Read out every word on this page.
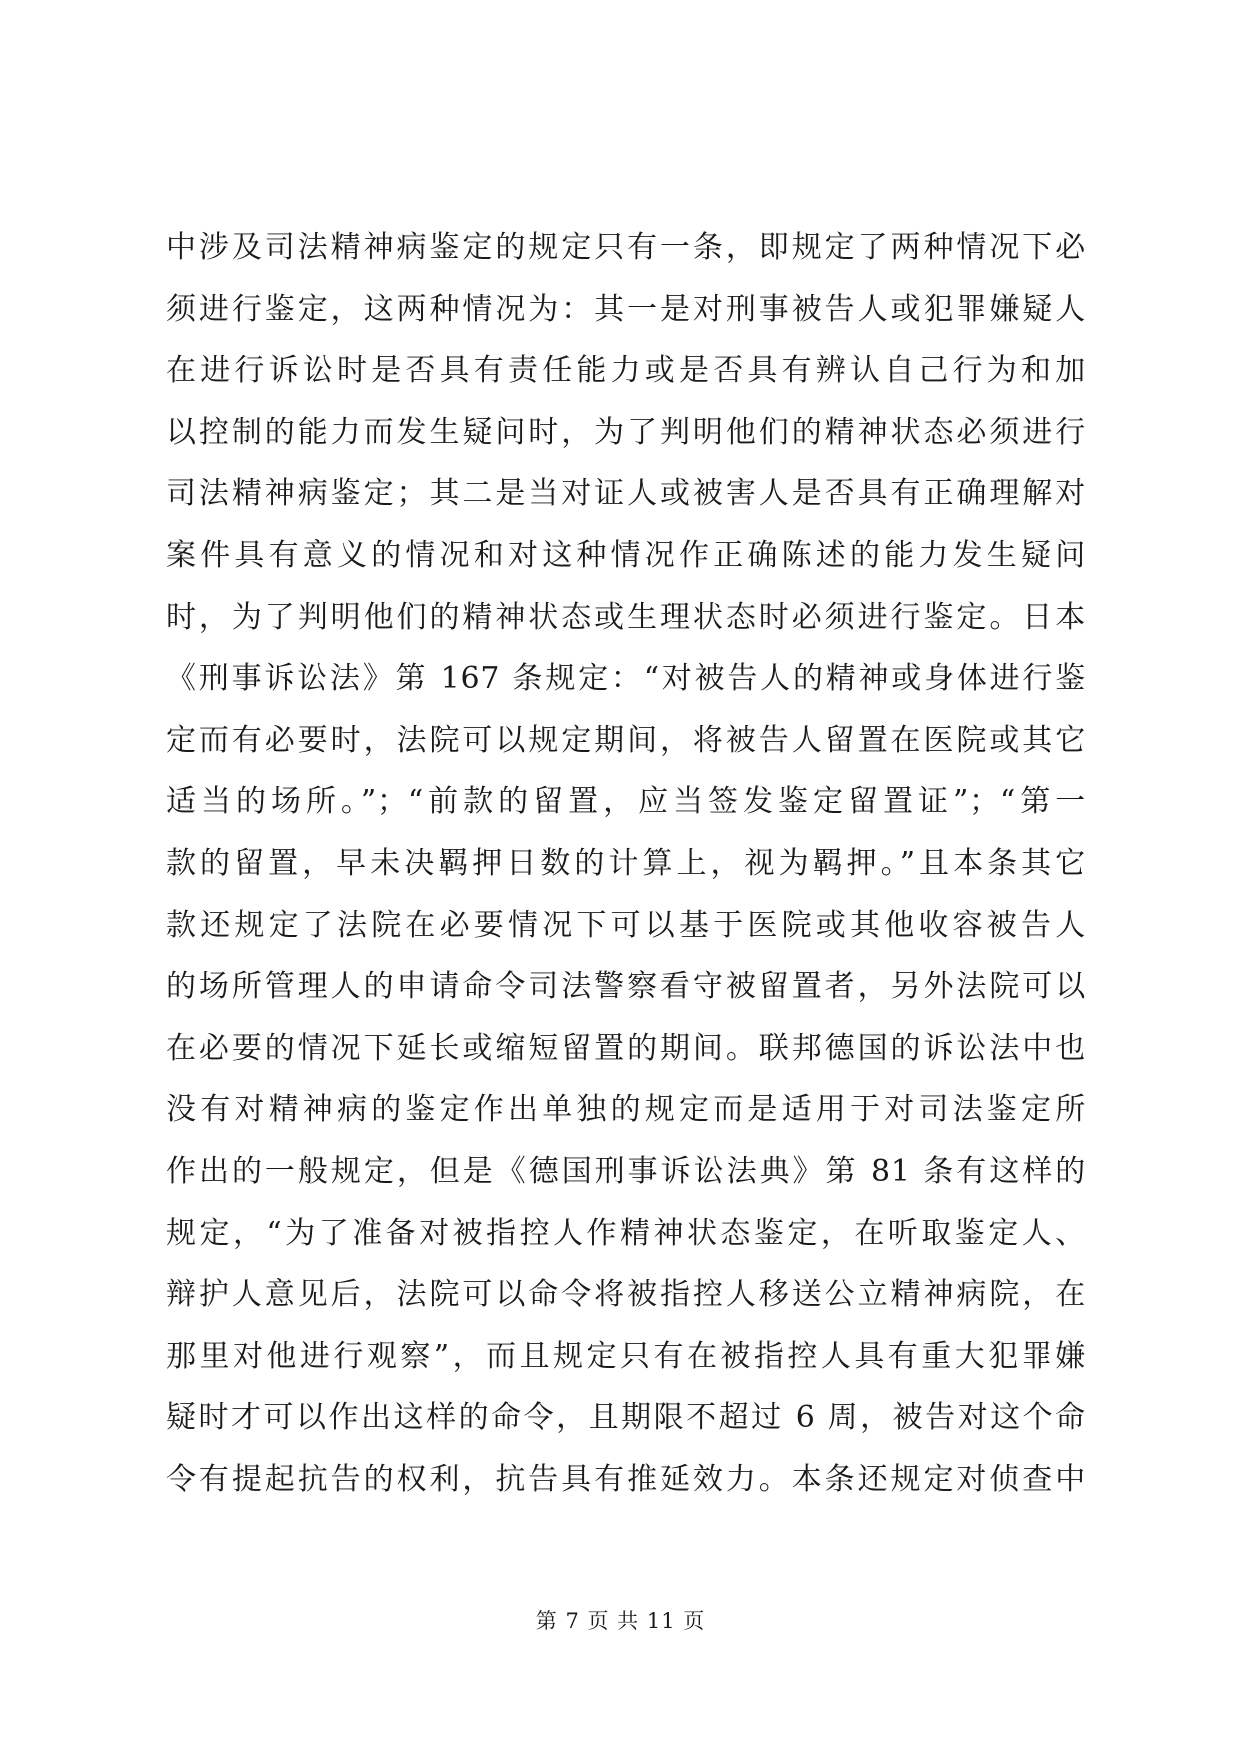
中涉及司法精神病鉴定的规定只有一条，即规定了两种情况下必
须进行鉴定，这两种情况为：其一是对刑事被告人或犯罪嫌疑人
在进行诉讼时是否具有责任能力或是否具有辨认自己行为和加
以控制的能力而发生疑问时，为了判明他们的精神状态必须进行
司法精神病鉴定；其二是当对证人或被害人是否具有正确理解对
案件具有意义的情况和对这种情况作正确陈述的能力发生疑问
时，为了判明他们的精神状态或生理状态时必须进行鉴定。日本
《刑事诉讼法》第 167 条规定：“对被告人的精神或身体进行鉴
定而有必要时，法院可以规定期间，将被告人留置在医院或其它
适当的场所。”；“前款的留置，应当签发鉴定留置证”；“第一
款的留置，早未决羁押日数的计算上，视为羁押。”且本条其它
款还规定了法院在必要情况下可以基于医院或其他收容被告人
的场所管理人的申请命令司法警察看守被留置者，另外法院可以
在必要的情况下延长或缩短留置的期间。联邦德国的诉讼法中也
没有对精神病的鉴定作出单独的规定而是适用于对司法鉴定所
作出的一般规定，但是《德国刑事诉讼法典》第 81 条有这样的
规定，“为了准备对被指控人作精神状态鉴定，在听取鉴定人、
辩护人意见后，法院可以命令将被指控人移送公立精神病院，在
那里对他进行观察”，而且规定只有在被指控人具有重大犯罪嫌
疑时才可以作出这样的命令，且期限不超过 6 周，被告对这个命
令有提起抗告的权利，抗告具有推延效力。本条还规定对侦查中
第 7 页 共 11 页
